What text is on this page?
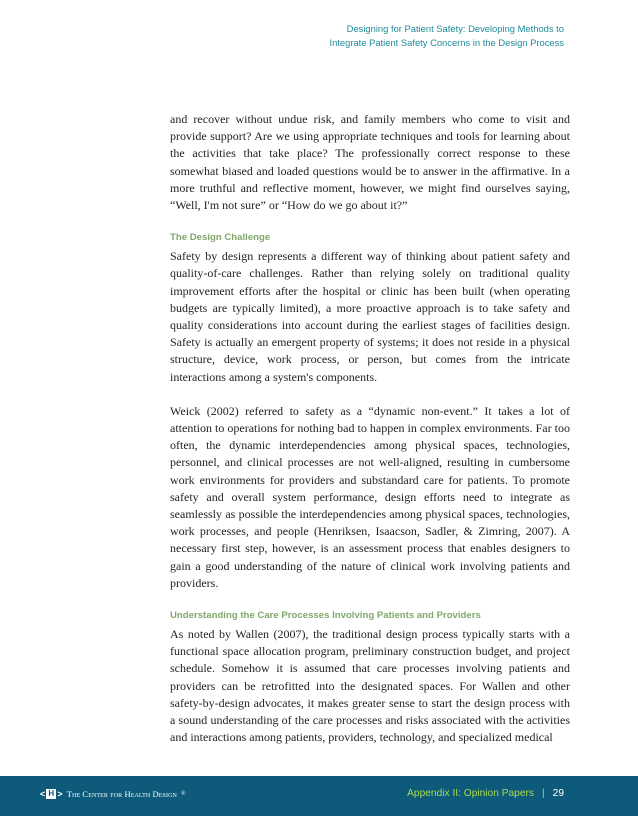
Designing for Patient Safety: Developing Methods to
Integrate Patient Safety Concerns in the Design Process

and recover without undue risk, and family members who come to visit and provide support? Are we using appropriate techniques and tools for learning about the activities that take place? The professionally correct response to these somewhat biased and loaded questions would be to answer in the affirmative. In a more truthful and reflective moment, however, we might find ourselves saying, “Well, I'm not sure” or “How do we go about it?”

The Design Challenge

Safety by design represents a different way of thinking about patient safety and quality-of-care challenges. Rather than relying solely on traditional quality improvement efforts after the hospital or clinic has been built (when operating budgets are typically limited), a more proactive approach is to take safety and quality considerations into account during the earliest stages of facilities design. Safety is actually an emergent property of systems; it does not reside in a physical structure, device, work process, or person, but comes from the intricate interactions among a system's components.

Weick (2002) referred to safety as a “dynamic non-event.” It takes a lot of attention to operations for nothing bad to happen in complex environments. Far too often, the dynamic interdependencies among physical spaces, technologies, personnel, and clinical processes are not well-aligned, resulting in cumbersome work environments for providers and substandard care for patients. To promote safety and overall system performance, design efforts need to integrate as seamlessly as possible the interdependencies among physical spaces, technologies, work processes, and people (Henriksen, Isaacson, Sadler, & Zimring, 2007). A necessary first step, however, is an assessment process that enables designers to gain a good understanding of the nature of clinical work involving patients and providers.

Understanding the Care Processes Involving Patients and Providers

As noted by Wallen (2007), the traditional design process typically starts with a functional space allocation program, preliminary construction budget, and project schedule. Somehow it is assumed that care processes involving patients and providers can be retrofitted into the designated spaces. For Wallen and other safety-by-design advocates, it makes greater sense to start the design process with a sound understanding of the care processes and risks associated with the activities and interactions among patients, providers, technology, and specialized medical

< H > The Center for Health Design ®	Appendix II: Opinion Papers | 29
